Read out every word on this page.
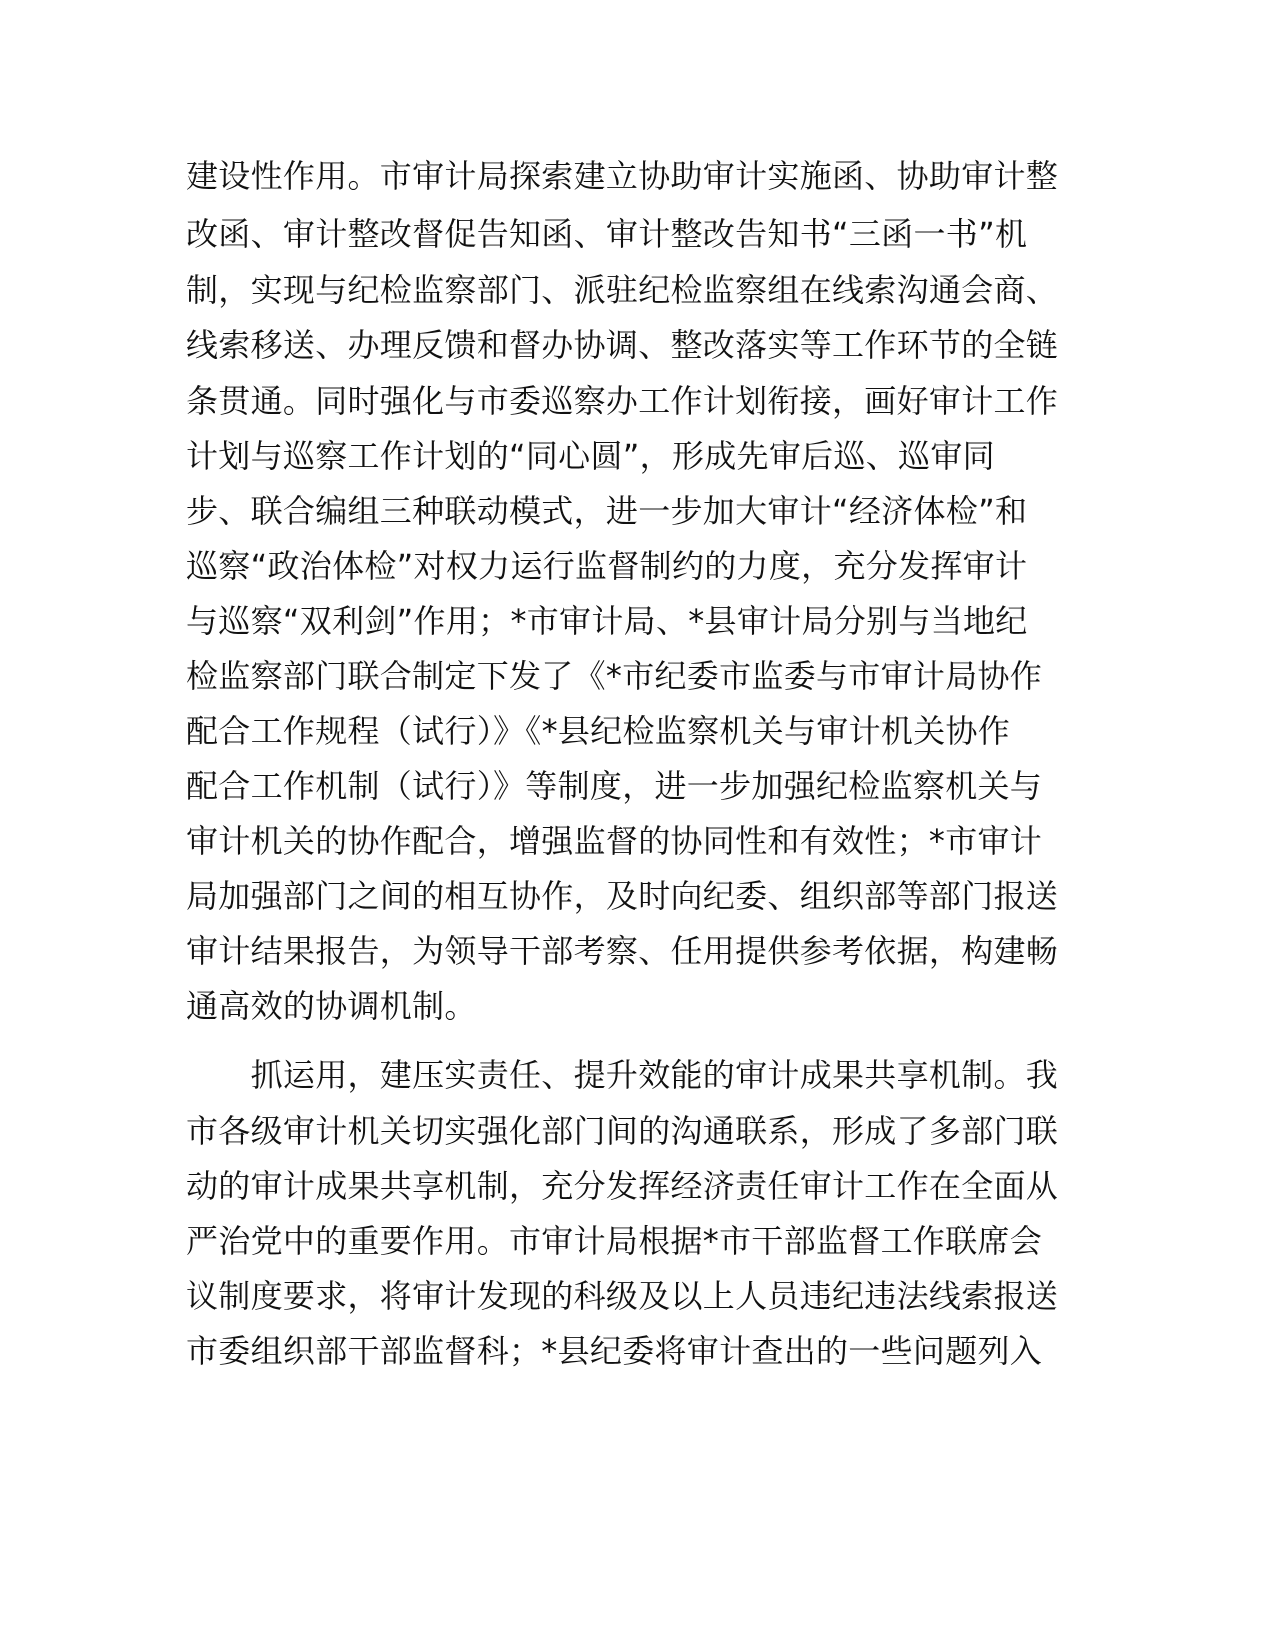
建设性作用。市审计局探索建立协助审计实施函、协助审计整
改函、审计整改督促告知函、审计整改告知书“三函一书”机
制，实现与纪检监察部门、派驻纪检监察组在线索沟通会商、
线索移送、办理反馈和督办协调、整改落实等工作环节的全链
条贯通。同时强化与市委巡察办工作计划衔接，画好审计工作
计划与巡察工作计划的“同心圆”，形成先审后巡、巡审同
步、联合编组三种联动模式，进一步加大审计“经济体检”和
巡察“政治体检”对权力运行监督制约的力度，充分发挥审计
与巡察“双利剑”作用；*市审计局、*县审计局分别与当地纪
检监察部门联合制定下发了《*市纪委市监委与市审计局协作
配合工作规程（试行）》《*县纪检监察机关与审计机关协作
配合工作机制（试行）》等制度，进一步加强纪检监察机关与
审计机关的协作配合，增强监督的协同性和有效性；*市审计
局加强部门之间的相互协作，及时向纪委、组织部等部门报送
审计结果报告，为领导干部考察、任用提供参考依据，构建畅
通高效的协调机制。
　　抓运用，建压实责任、提升效能的审计成果共享机制。我
市各级审计机关切实强化部门间的沟通联系，形成了多部门联
动的审计成果共享机制，充分发挥经济责任审计工作在全面从
严治党中的重要作用。市审计局根据*市干部监督工作联席会
议制度要求，将审计发现的科级及以上人员违纪违法线索报送
市委组织部干部监督科；*县纪委将审计查出的一些问题列入
